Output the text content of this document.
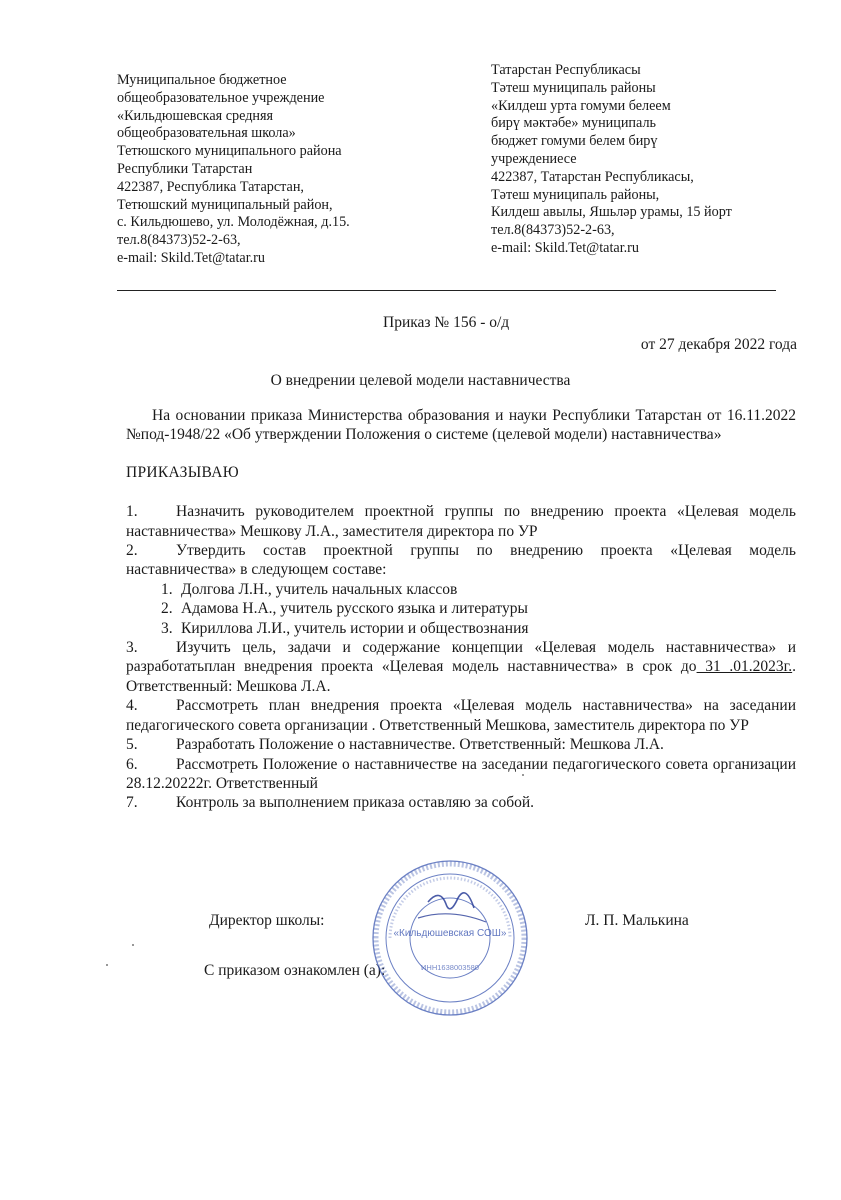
Муниципальное бюджетное
общеобразовательное учреждение
«Кильдюшевская средняя
общеобразовательная школа»
Тетюшского муниципального района
Республики Татарстан
422387, Республика Татарстан,
Тетюшский муниципальный район,
с. Кильдюшево, ул. Молодёжная, д.15.
тел.8(84373)52-2-63,
e-mail: Skild.Tet@tatar.ru
Татарстан Республикасы
Тәтеш муниципаль районы
«Килдеш урта гомуми белеем
бирү мәктәбе» муниципаль
бюджет гомуми белем бирү
учреждениесе
422387, Татарстан Республикасы,
Тәтеш муниципаль районы,
Килдеш авылы, Яшьләр урамы, 15 йорт
тел.8(84373)52-2-63,
e-mail: Skild.Tet@tatar.ru
Приказ № 156 - о/д
от 27 декабря 2022 года
О внедрении целевой модели наставничества
На основании приказа Министерства образования и науки Республики Татарстан от 16.11.2022 №под-1948/22 «Об утверждении Положения о системе (целевой модели) наставничества»
ПРИКАЗЫВАЮ
1. Назначить руководителем проектной группы по внедрению проекта «Целевая модель наставничества» Мешкову Л.А., заместителя директора по УР
2. Утвердить состав проектной группы по внедрению проекта «Целевая модель наставничества» в следующем составе:
1. Долгова Л.Н., учитель начальных классов
2. Адамова Н.А., учитель русского языка и литературы
3. Кириллова Л.И., учитель истории и обществознания
3. Изучить цель, задачи и содержание концепции «Целевая модель наставничества» и разработатьплан внедрения проекта «Целевая модель наставничества» в срок до 31 .01.2023г.. Ответственный: Мешкова Л.А.
4. Рассмотреть план внедрения проекта «Целевая модель наставничества» на заседании педагогического совета организации . Ответственный Мешкова, заместитель директора по УР
5. Разработать Положение о наставничестве. Ответственный: Мешкова Л.А.
6. Рассмотреть Положение о наставничестве на заседании педагогического совета организации 28.12.20222г. Ответственный
7. Контроль за выполнением приказа оставляю за собой.
Директор школы:	Л. П. Малькина
С приказом ознакомлен (а):
«Кильдюшевская СОШ»
ИНН1638003580
